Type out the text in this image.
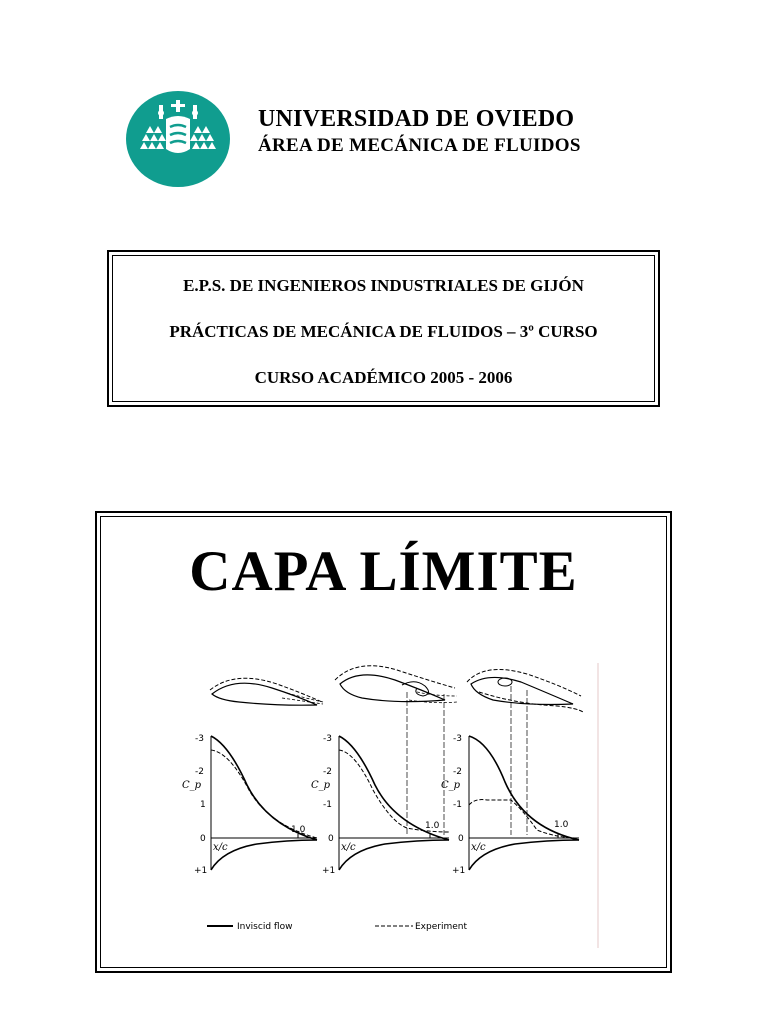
UNIVERSIDAD DE OVIEDO
ÁREA DE MECÁNICA DE FLUIDOS
E.P.S. DE INGENIEROS INDUSTRIALES DE GIJÓN
PRÁCTICAS DE MECÁNICA DE FLUIDOS – 3º CURSO
CURSO ACADÉMICO 2005 - 2006
CAPA LÍMITE
-3
-2
1
0
+1
C_p
x/c
1.0
-3
-2
-1
0
+1
C_p
x/c
1.0
-3
-2
-1
0
+1
C_p
x/c
1.0
Inviscid flow	Experiment
